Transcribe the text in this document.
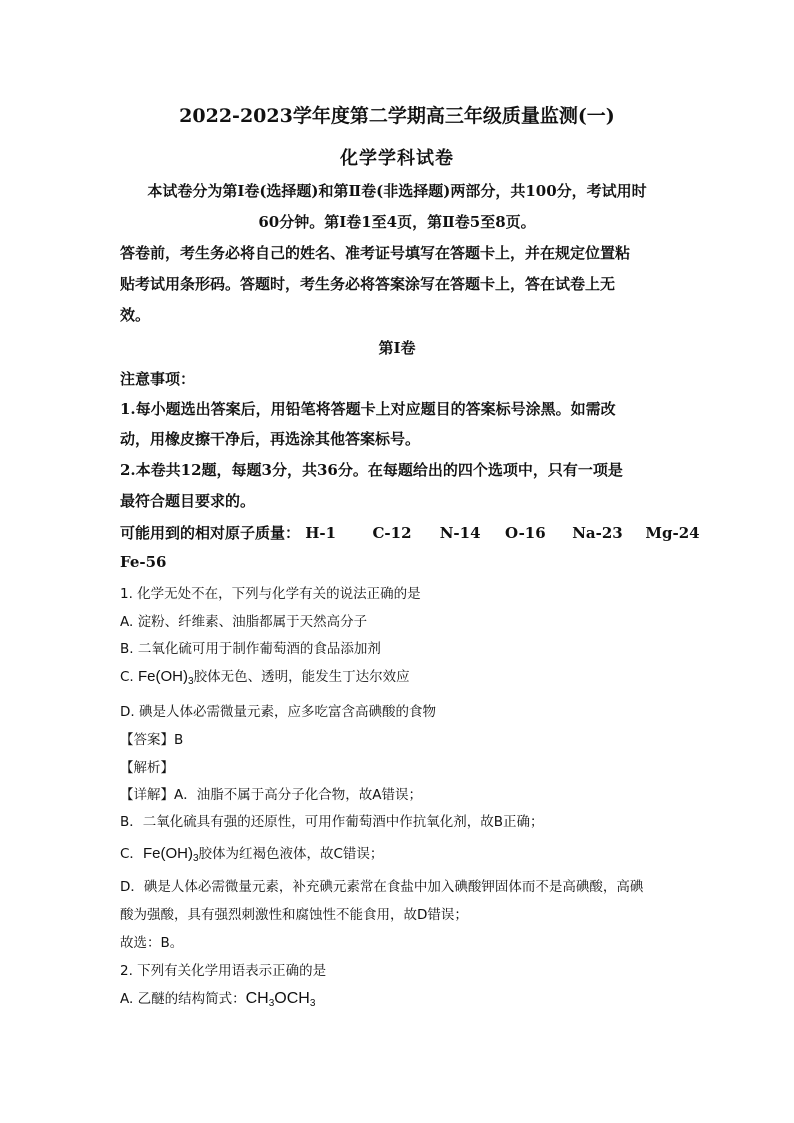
2022-2023学年度第二学期高三年级质量监测(一)
化学学科试卷
本试卷分为第Ⅰ卷(选择题)和第Ⅱ卷(非选择题)两部分，共100分，考试用时
60分钟。第Ⅰ卷1至4页，第Ⅱ卷5至8页。
答卷前，考生务必将自己的姓名、准考证号填写在答题卡上，并在规定位置粘
贴考试用条形码。答题时，考生务必将答案涂写在答题卡上，答在试卷上无
效。
第Ⅰ卷
注意事项：
1.每小题选出答案后，用铅笔将答题卡上对应题目的答案标号涂黑。如需改
动，用橡皮擦干净后，再选涂其他答案标号。
2.本卷共12题，每题3分，共36分。在每题给出的四个选项中，只有一项是
最符合题目要求的。
可能用到的相对原子质量： H-1 C-12 N-14 O-16 Na-23 Mg-24
Fe-56
1. 化学无处不在，下列与化学有关的说法正确的是
A. 淀粉、纤维素、油脂都属于天然高分子
B. 二氧化硫可用于制作葡萄酒的食品添加剂
C. $Fe(OH)_3$胶体无色、透明，能发生丁达尔效应
D. 碘是人体必需微量元素，应多吃富含高碘酸的食物
【答案】B
【解析】
【详解】A．油脂不属于高分子化合物，故A错误；
B．二氧化硫具有强的还原性，可用作葡萄酒中作抗氧化剂，故B正确；
C．$Fe(OH)_3$胶体为红褐色液体，故C错误；
D．碘是人体必需微量元素，补充碘元素常在食盐中加入碘酸钾固体而不是高碘酸，高碘
酸为强酸，具有强烈刺激性和腐蚀性不能食用，故D错误；
故选：B。
2. 下列有关化学用语表示正确的是
A. 乙醚的结构简式：$CH_3OCH_3$
